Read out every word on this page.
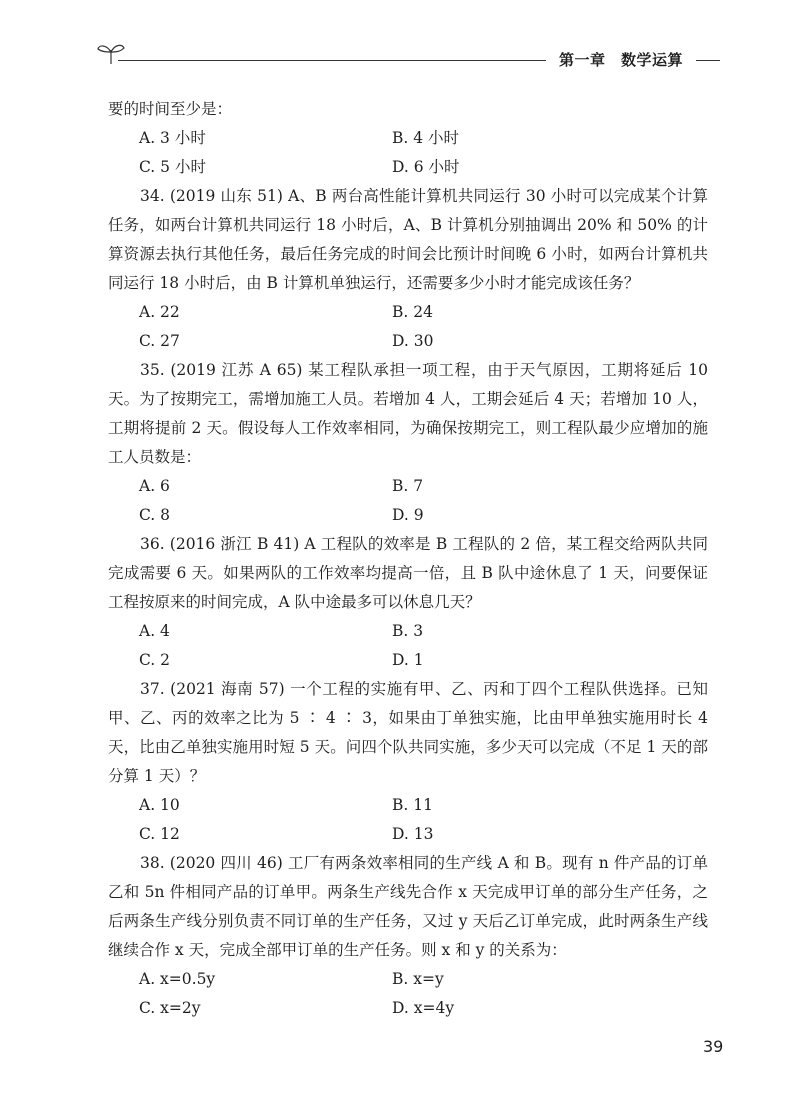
第一章　数学运算
要的时间至少是：
A. 3 小时	B. 4 小时
C. 5 小时	D. 6 小时
34. (2019 山东 51) A、B 两台高性能计算机共同运行 30 小时可以完成某个计算任务，如两台计算机共同运行 18 小时后，A、B 计算机分别抽调出 20% 和 50% 的计算资源去执行其他任务，最后任务完成的时间会比预计时间晚 6 小时，如两台计算机共同运行 18 小时后，由 B 计算机单独运行，还需要多少小时才能完成该任务？
A. 22	B. 24
C. 27	D. 30
35. (2019 江苏 A 65) 某工程队承担一项工程，由于天气原因，工期将延后 10 天。为了按期完工，需增加施工人员。若增加 4 人，工期会延后 4 天；若增加 10 人，工期将提前 2 天。假设每人工作效率相同，为确保按期完工，则工程队最少应增加的施工人员数是：
A. 6	B. 7
C. 8	D. 9
36. (2016 浙江 B 41) A 工程队的效率是 B 工程队的 2 倍，某工程交给两队共同完成需要 6 天。如果两队的工作效率均提高一倍，且 B 队中途休息了 1 天，问要保证工程按原来的时间完成，A 队中途最多可以休息几天？
A. 4	B. 3
C. 2	D. 1
37. (2021 海南 57) 一个工程的实施有甲、乙、丙和丁四个工程队供选择。已知甲、乙、丙的效率之比为 5 ∶ 4 ∶ 3，如果由丁单独实施，比由甲单独实施用时长 4 天，比由乙单独实施用时短 5 天。问四个队共同实施，多少天可以完成（不足 1 天的部分算 1 天）？
A. 10	B. 11
C. 12	D. 13
38. (2020 四川 46) 工厂有两条效率相同的生产线 A 和 B。现有 n 件产品的订单乙和 5n 件相同产品的订单甲。两条生产线先合作 x 天完成甲订单的部分生产任务，之后两条生产线分别负责不同订单的生产任务，又过 y 天后乙订单完成，此时两条生产线继续合作 x 天，完成全部甲订单的生产任务。则 x 和 y 的关系为：
A. x=0.5y	B. x=y
C. x=2y	D. x=4y
39
